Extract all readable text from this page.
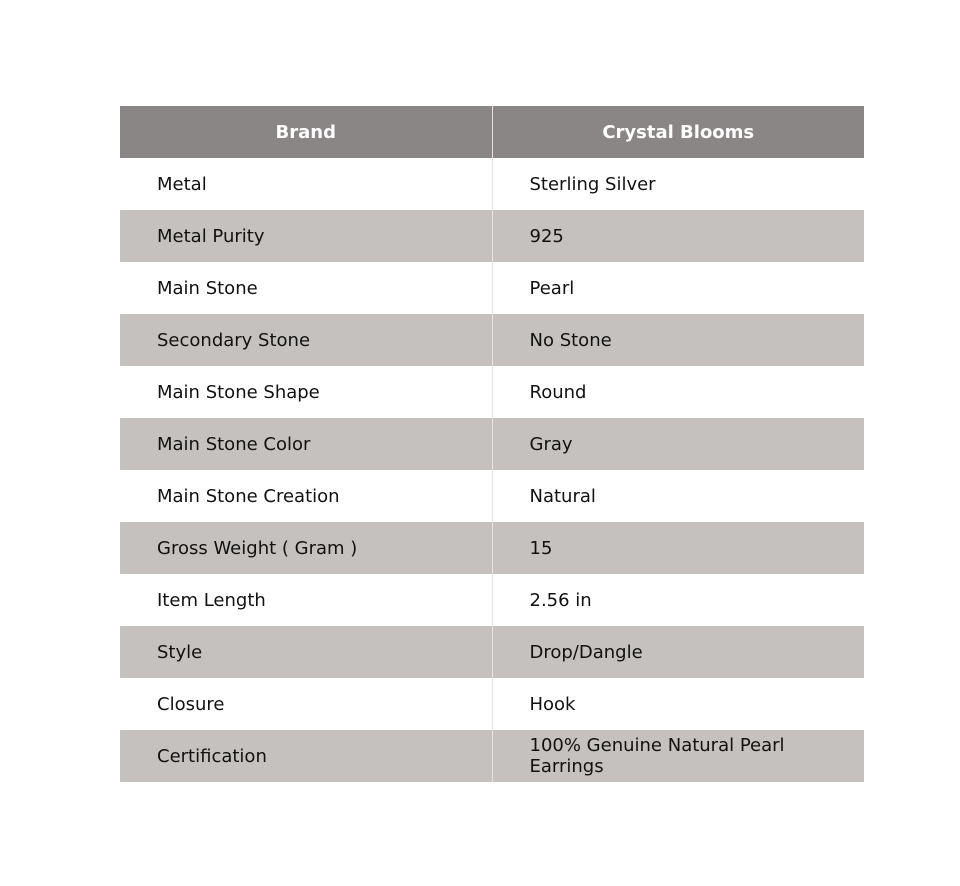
Brand	Crystal Blooms
Metal	Sterling Silver
Metal Purity	925
Main Stone	Pearl
Secondary Stone	No Stone
Main Stone Shape	Round
Main Stone Color	Gray
Main Stone Creation	Natural
Gross Weight ( Gram )	15
Item Length	2.56 in
Style	Drop/Dangle
Closure	Hook
Certification	100% Genuine Natural Pearl Earrings
